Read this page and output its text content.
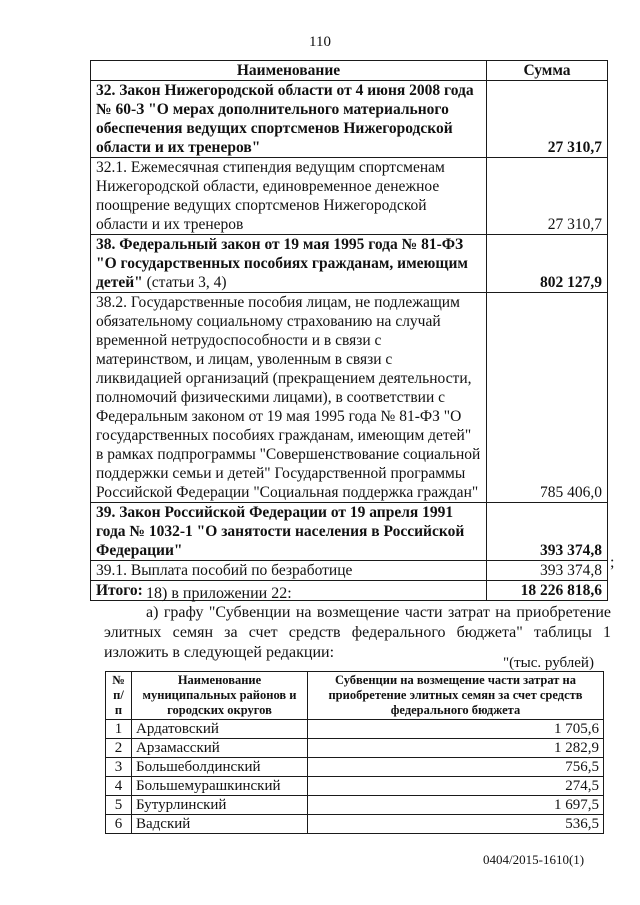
110
Наименование	Сумма
32. Закон Нижегородской области от 4 июня 2008 года № 60-З "О мерах дополнительного материального обеспечения ведущих спортсменов Нижегородской области и их тренеров"	27 310,7
32.1. Ежемесячная стипендия ведущим спортсменам Нижегородской области, единовременное денежное поощрение ведущих спортсменов Нижегородской области и их тренеров	27 310,7
38. Федеральный закон от 19 мая 1995 года № 81-ФЗ "О государственных пособиях гражданам, имеющим детей" (статьи 3, 4)	802 127,9
38.2. Государственные пособия лицам, не подлежащим обязательному социальному страхованию на случай временной нетрудоспособности и в связи с материнством, и лицам, уволенным в связи с ликвидацией организаций (прекращением деятельности, полномочий физическими лицами), в соответствии с Федеральным законом от 19 мая 1995 года № 81-ФЗ "О государственных пособиях гражданам, имеющим детей" в рамках подпрограммы "Совершенствование социальной поддержки семьи и детей" Государственной программы Российской Федерации "Социальная поддержка граждан"	785 406,0
39. Закон Российской Федерации от 19 апреля 1991 года № 1032-1 "О занятости населения в Российской Федерации"	393 374,8
39.1. Выплата пособий по безработице	393 374,8
Итого:	18 226 818,6
;
18) в приложении 22:
а) графу "Субвенции на возмещение части затрат на приобретение элитных семян за счет средств федерального бюджета" таблицы 1 изложить в следующей редакции:
"(тыс. рублей)
№ п/п	Наименование муниципальных районов и городских округов	Субвенции на возмещение части затрат на приобретение элитных семян за счет средств федерального бюджета
1	Ардатовский	1 705,6
2	Арзамасский	1 282,9
3	Большеболдинский	756,5
4	Большемурашкинский	274,5
5	Бутурлинский	1 697,5
6	Вадский	536,5
0404/2015-1610(1)
